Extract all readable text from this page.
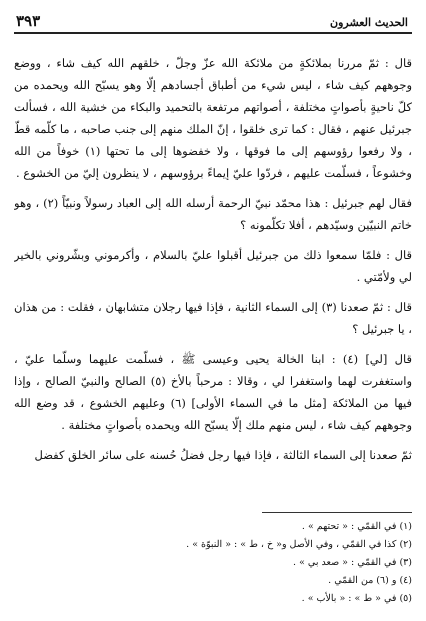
٣٩٣	الحديث العشرون

قال : ثمّ مررنا بملائكةٍ من ملائكة الله عزّ وجلّ ، خلقهم الله كيف شاء ، ووضع وجوههم كيف شاء ، ليس شيء من أطباق أجسادهم إلّا وهو يسبّح الله ويحمده من كلّ ناحيةٍ بأصواتٍ مختلفة ، أصواتهم مرتفعة بالتحميد والبكاء من خشية الله ، فسألت جبرئيل عنهم ، فقال : كما ترى خلقوا ، إنّ الملك منهم إلى جنب صاحبه ، ما كلّمه قطّ ، ولا رفعوا رؤوسهم إلى ما فوقها ، ولا خفضوها إلى ما تحتها (١) خوفاً من الله وخشوعاً ، فسلّمت عليهم ، فردّوا عليّ إيماءً برؤوسهم ، لا ينظرون إليّ من الخشوع .

فقال لهم جبرئيل : هذا محمّد نبيّ الرحمة أرسله الله إلى العباد رسولاً ونبيّاً (٢) ، وهو خاتم النبيّين وسيّدهم ، أفلا تكلّمونه ؟

قال : فلمّا سمعوا ذلك من جبرئيل أقبلوا عليّ بالسلام ، وأكرموني وبشّروني بالخير لي ولأمّتي .

قال : ثمّ صعدنا (٣) إلى السماء الثانية ، فإذا فيها رجلان متشابهان ، فقلت : من هذان ، يا جبرئيل ؟

قال [لي] (٤) : ابنا الخالة يحيى وعيسى ﷺ ، فسلّمت عليهما وسلّما عليّ ، واستغفرت لهما واستغفرا لي ، وقالا : مرحباً بالأخ (٥) الصالح والنبيّ الصالح ، وإذا فيها من الملائكة [مثل ما في السماء الأولى] (٦) وعليهم الخشوع ، قد وضع الله وجوههم كيف شاء ، ليس منهم ملك إلّا يسبّح الله ويحمده بأصواتٍ مختلفة .

ثمّ صعدنا إلى السماء الثالثة ، فإذا فيها رجل فضلُ حُسنه على سائر الخلق كفضل

(١) في القمّي : « تحتهم » .
(٢) كذا في القمّي ، وفي الأصل و« خ ، ط » : « النبوّة » .
(٣) في القمّي : « صعد بي » .
(٤) و (٦) من القمّي .
(٥) في « ط » : « بالأب » .
